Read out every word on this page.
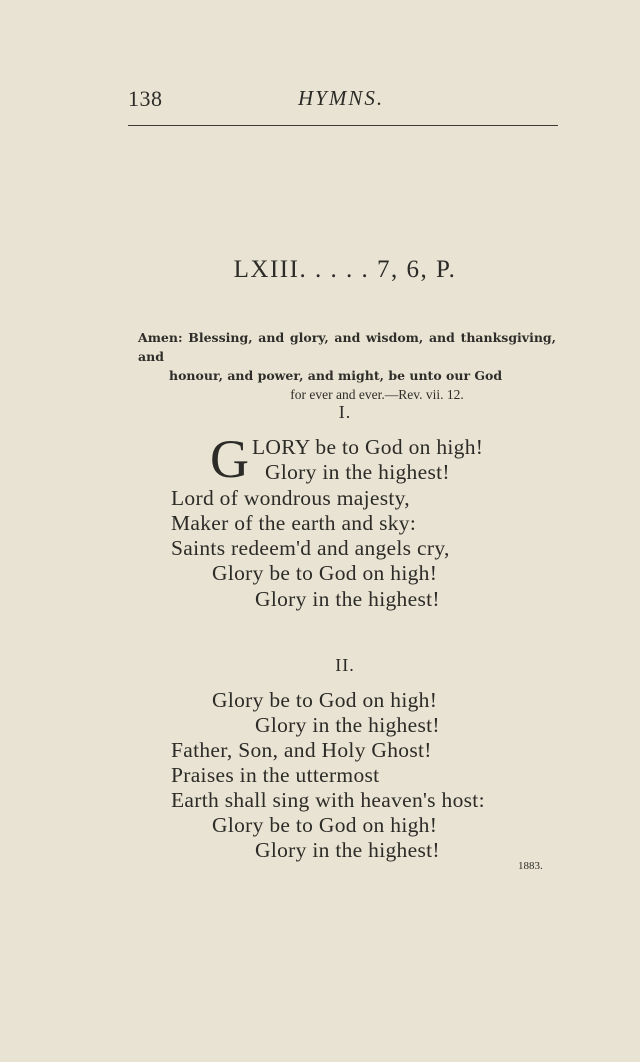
138	HYMNS.
LXIII. . . . . 7, 6, P.
Amen: Blessing, and glory, and wisdom, and thanksgiving, and
honour, and power, and might, be unto our God
for ever and ever.—Rev. vii. 12.
I.
G LORY be to God on high!
Glory in the highest!
Lord of wondrous majesty,
Maker of the earth and sky:
Saints redeem'd and angels cry,
Glory be to God on high!
Glory in the highest!
II.
Glory be to God on high!
Glory in the highest!
Father, Son, and Holy Ghost!
Praises in the uttermost
Earth shall sing with heaven's host:
Glory be to God on high!
Glory in the highest!
1883.
